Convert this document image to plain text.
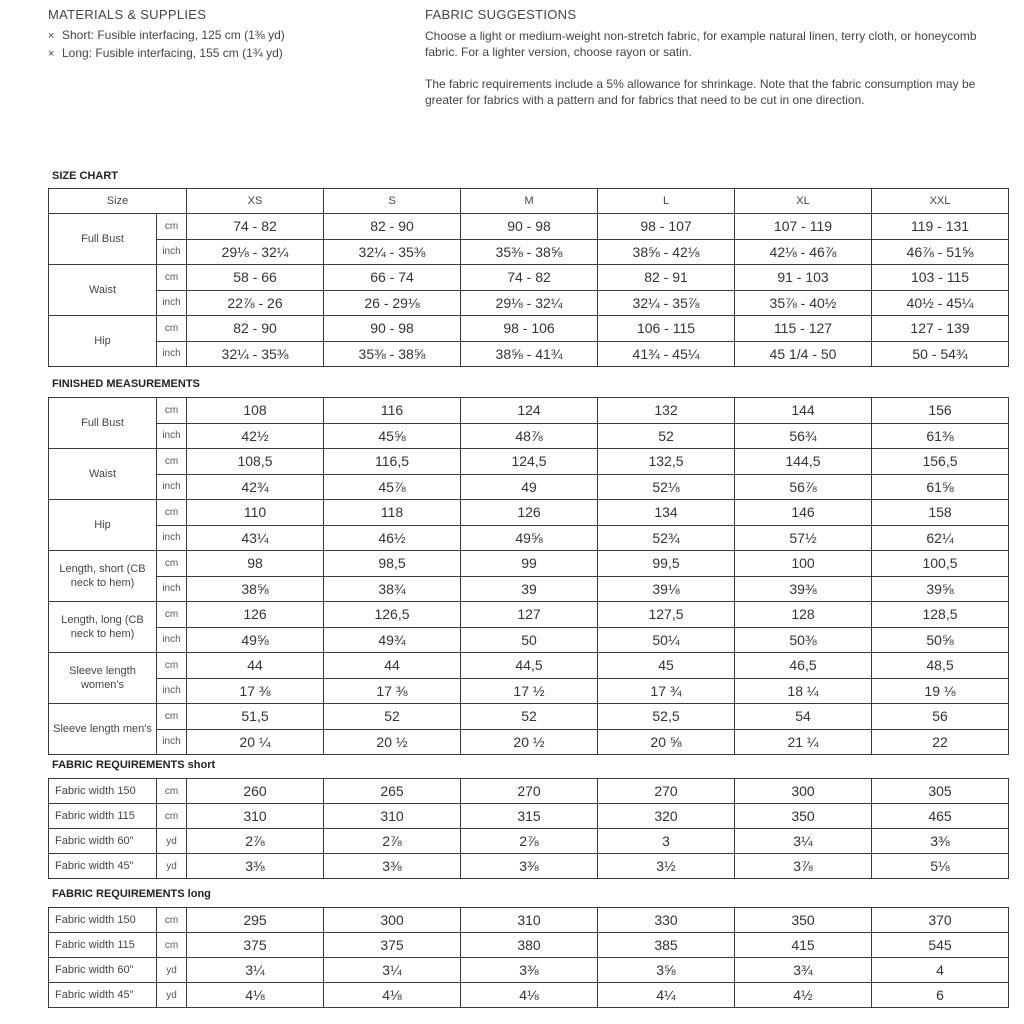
MATERIALS & SUPPLIES
× Short: Fusible interfacing, 125 cm (1⅜ yd)
× Long: Fusible interfacing, 155 cm (1¾ yd)
FABRIC SUGGESTIONS

Choose a light or medium-weight non-stretch fabric, for example natural linen, terry cloth, or honeycomb fabric. For a lighter version, choose rayon or satin.

The fabric requirements include a 5% allowance for shrinkage. Note that the fabric consumption may be greater for fabrics with a pattern and for fabrics that need to be cut in one direction.

SIZE CHART
Size		XS	S	M	L	XL	XXL
Full Bust	cm	74 - 82	82 - 90	90 - 98	98 - 107	107 - 119	119 - 131
	inch	29⅛ - 32¼	32¼ - 35⅜	35⅜ - 38⅝	38⅝ - 42⅛	42⅛ - 46⅞	46⅞ - 51⅝
Waist	cm	58 - 66	66 - 74	74 - 82	82 - 91	91 - 103	103 - 115
	inch	22⅞ - 26	26 - 29⅛	29⅛ - 32¼	32¼ - 35⅞	35⅞ - 40½	40½ - 45¼
Hip	cm	82 - 90	90 - 98	98 - 106	106 - 115	115 - 127	127 - 139
	inch	32¼ - 35⅜	35⅜ - 38⅝	38⅝ - 41¾	41¾ - 45¼	45 1/4 - 50	50 - 54¾
FINISHED MEASUREMENTS
Full Bust	cm	108	116	124	132	144	156
	inch	42½	45⅝	48⅞	52	56¾	61⅜
Waist	cm	108,5	116,5	124,5	132,5	144,5	156,5
	inch	42¾	45⅞	49	52⅛	56⅞	61⅝
Hip	cm	110	118	126	134	146	158
	inch	43¼	46½	49⅝	52¾	57½	62¼
Length, short (CB neck to hem)	cm	98	98,5	99	99,5	100	100,5
	inch	38⅝	38¾	39	39⅛	39⅜	39⅝
Length, long (CB neck to hem)	cm	126	126,5	127	127,5	128	128,5
	inch	49⅝	49¾	50	50¼	50⅜	50⅝
Sleeve length women's	cm	44	44	44,5	45	46,5	48,5
	inch	17 ⅜	17 ⅜	17 ½	17 ¾	18 ¼	19 ⅛
Sleeve length men's	cm	51,5	52	52	52,5	54	56
	inch	20 ¼	20 ½	20 ½	20 ⅝	21 ¼	22
FABRIC REQUIREMENTS short
Fabric width 150	cm	260	265	270	270	300	305
Fabric width 115	cm	310	310	315	320	350	465
Fabric width 60"	yd	2⅞	2⅞	2⅞	3	3¼	3⅜
Fabric width 45"	yd	3⅜	3⅜	3⅜	3½	3⅞	5⅛
FABRIC REQUIREMENTS long
Fabric width 150	cm	295	300	310	330	350	370
Fabric width 115	cm	375	375	380	385	415	545
Fabric width 60"	yd	3¼	3¼	3⅜	3⅝	3¾	4
Fabric width 45"	yd	4⅛	4⅛	4⅛	4¼	4½	6
